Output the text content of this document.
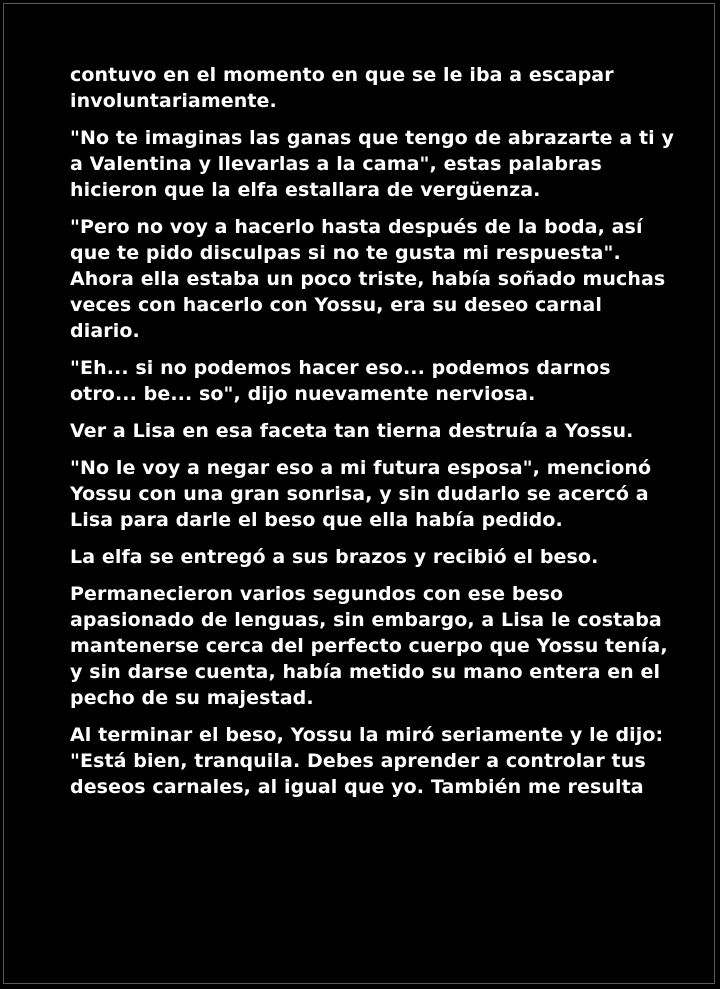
contuvo en el momento en que se le iba a escapar
involuntariamente.

"No te imaginas las ganas que tengo de abrazarte a ti y
a Valentina y llevarlas a la cama", estas palabras
hicieron que la elfa estallara de vergüenza.

"Pero no voy a hacerlo hasta después de la boda, así
que te pido disculpas si no te gusta mi respuesta".
Ahora ella estaba un poco triste, había soñado muchas
veces con hacerlo con Yossu, era su deseo carnal
diario.

"Eh... si no podemos hacer eso... podemos darnos
otro... be... so", dijo nuevamente nerviosa.

Ver a Lisa en esa faceta tan tierna destruía a Yossu.

"No le voy a negar eso a mi futura esposa", mencionó
Yossu con una gran sonrisa, y sin dudarlo se acercó a
Lisa para darle el beso que ella había pedido.

La elfa se entregó a sus brazos y recibió el beso.

Permanecieron varios segundos con ese beso
apasionado de lenguas, sin embargo, a Lisa le costaba
mantenerse cerca del perfecto cuerpo que Yossu tenía,
y sin darse cuenta, había metido su mano entera en el
pecho de su majestad.

Al terminar el beso, Yossu la miró seriamente y le dijo:
"Está bien, tranquila. Debes aprender a controlar tus
deseos carnales, al igual que yo. También me resulta
